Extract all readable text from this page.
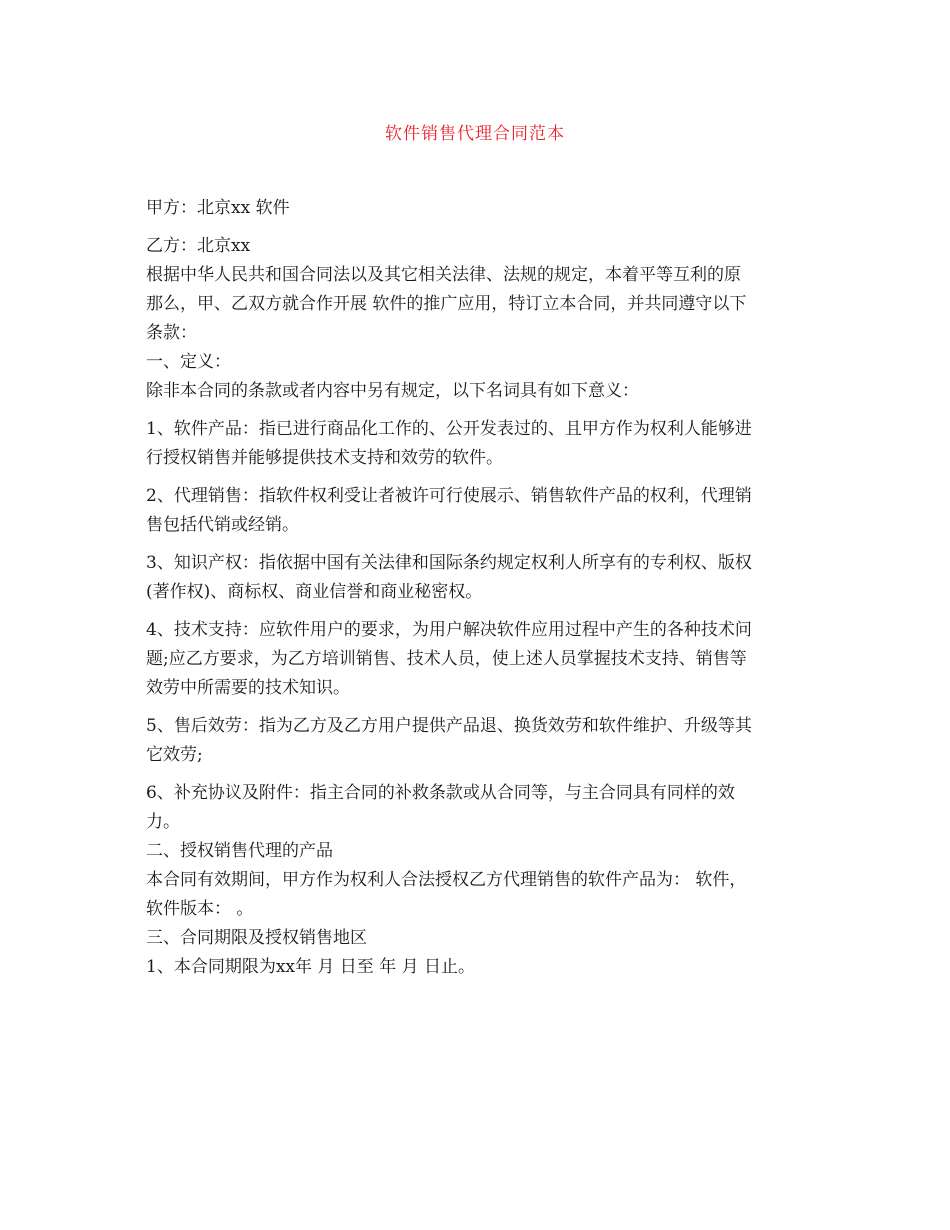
软件销售代理合同范本
甲方：北京xx 软件
乙方：北京xx
根据中华人民共和国合同法以及其它相关法律、法规的规定，本着平等互利的原
那么，甲、乙双方就合作开展 软件的推广应用，特订立本合同，并共同遵守以下
条款：
一、定义：
除非本合同的条款或者内容中另有规定，以下名词具有如下意义：
1、软件产品：指已进行商品化工作的、公开发表过的、且甲方作为权利人能够进
行授权销售并能够提供技术支持和效劳的软件。
2、代理销售：指软件权利受让者被许可行使展示、销售软件产品的权利，代理销
售包括代销或经销。
3、知识产权：指依据中国有关法律和国际条约规定权利人所享有的专利权、版权
(著作权)、商标权、商业信誉和商业秘密权。
4、技术支持：应软件用户的要求，为用户解决软件应用过程中产生的各种技术问
题;应乙方要求，为乙方培训销售、技术人员，使上述人员掌握技术支持、销售等
效劳中所需要的技术知识。
5、售后效劳：指为乙方及乙方用户提供产品退、换货效劳和软件维护、升级等其
它效劳;
6、补充协议及附件：指主合同的补救条款或从合同等，与主合同具有同样的效
力。
二、授权销售代理的产品
本合同有效期间，甲方作为权利人合法授权乙方代理销售的软件产品为： 软件，
软件版本： 。
三、合同期限及授权销售地区
1、本合同期限为xx年 月 日至 年 月 日止。
